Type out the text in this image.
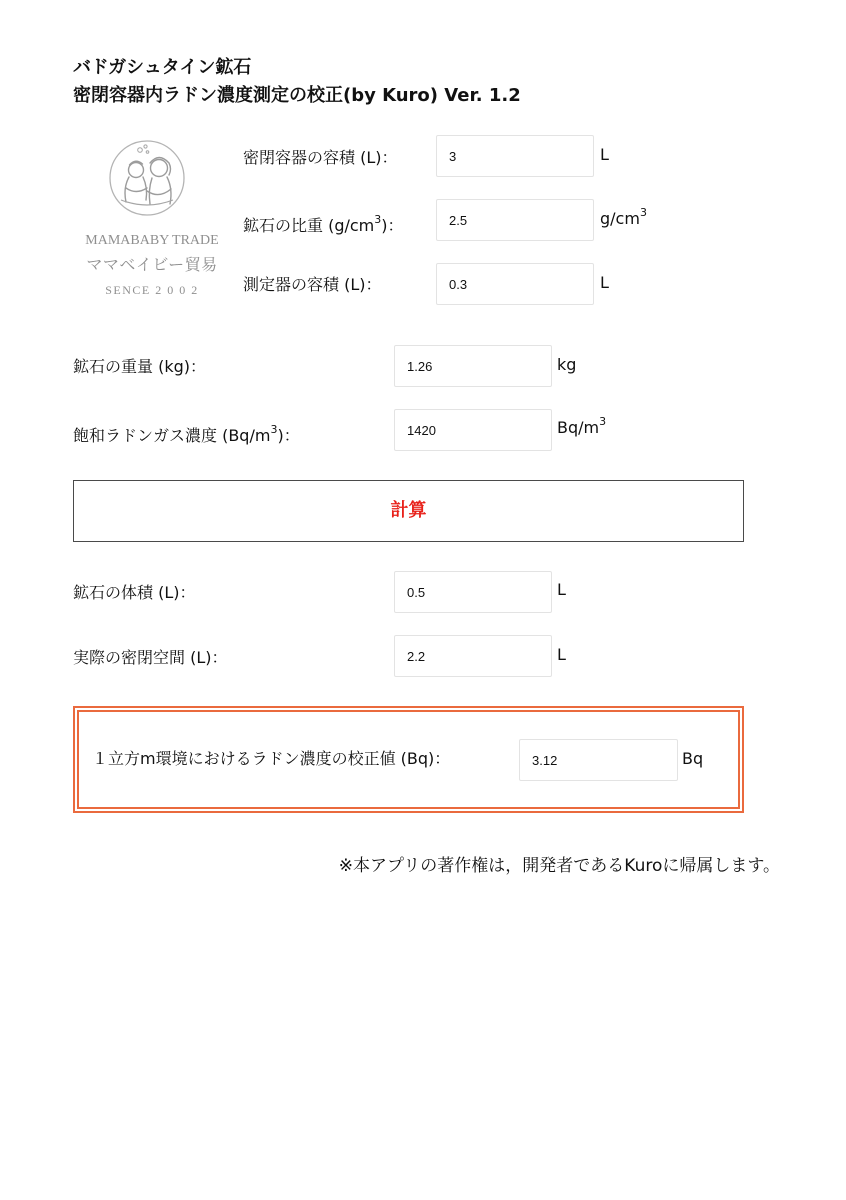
バドガシュタイン鉱石
密閉容器内ラドン濃度測定の校正(by Kuro) Ver. 1.2
MAMABABY TRADE
ママベイビー貿易
SENCE 2 0 0 2
密閉容器の容積 (L)：
3	L
鉱石の比重 $(g/cm^3)$：
2.5	$g/cm^3$
測定器の容積 (L)：
0.3	L
鉱石の重量 (kg)：
1.26	kg
飽和ラドンガス濃度 $(Bq/m^3)$：
1420	$Bq/m^3$
計算
鉱石の体積 (L)：
0.5	L
実際の密閉空間 (L)：
2.2	L
１立方m環境におけるラドン濃度の校正値 (Bq)：
3.12	Bq
※本アプリの著作権は，開発者であるKuroに帰属します。
